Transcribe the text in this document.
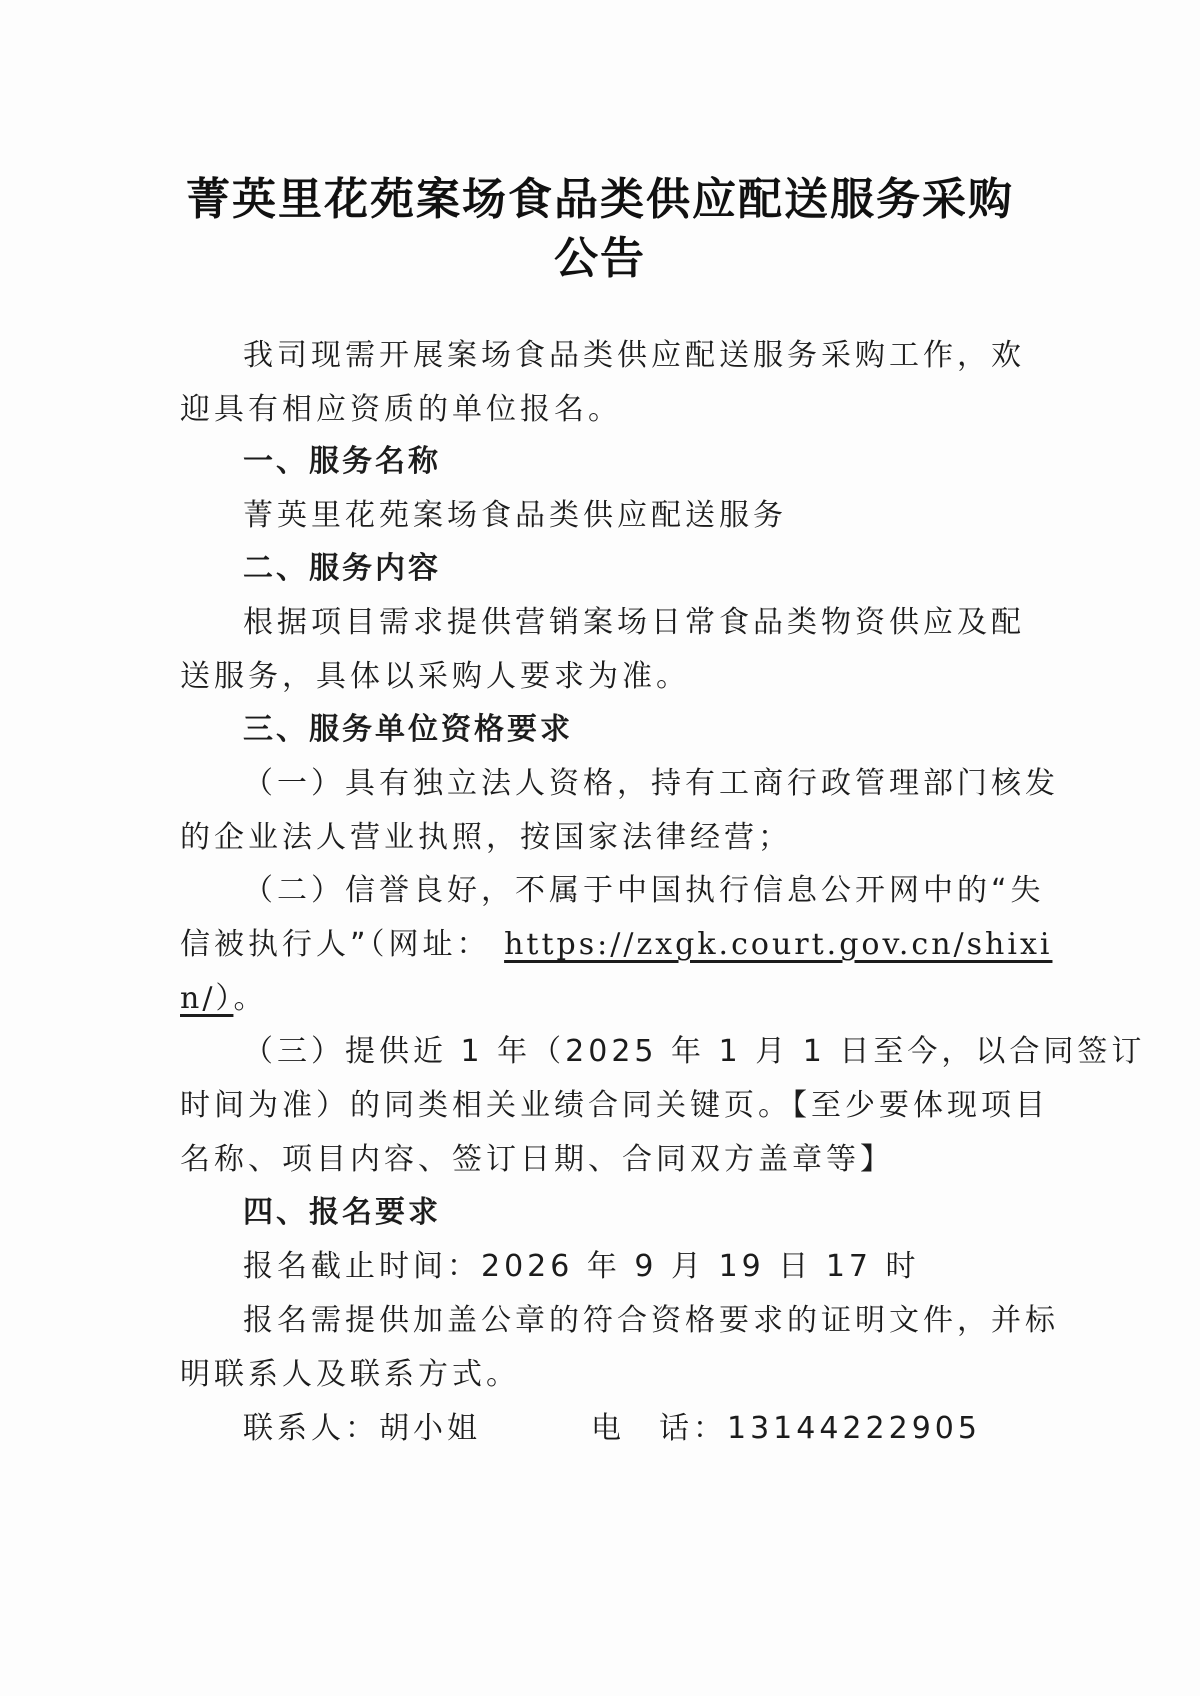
菁英里花苑案场食品类供应配送服务采购
公告
我司现需开展案场食品类供应配送服务采购工作，欢
迎具有相应资质的单位报名。
一、服务名称
菁英里花苑案场食品类供应配送服务
二、服务内容
根据项目需求提供营销案场日常食品类物资供应及配
送服务，具体以采购人要求为准。
三、服务单位资格要求
（一）具有独立法人资格，持有工商行政管理部门核发
的企业法人营业执照，按国家法律经营；
（二）信誉良好，不属于中国执行信息公开网中的“失
信被执行人”（网址： https://zxgk.court.gov.cn/shixi
n/）。
（三）提供近 1 年（2025 年 1 月 1 日至今，以合同签订
时间为准）的同类相关业绩合同关键页。【至少要体现项目
名称、项目内容、签订日期、合同双方盖章等】
四、报名要求
报名截止时间：2026 年 9 月 19 日 17 时
报名需提供加盖公章的符合资格要求的证明文件，并标
明联系人及联系方式。
联系人：胡小姐	电　话：13144222905
